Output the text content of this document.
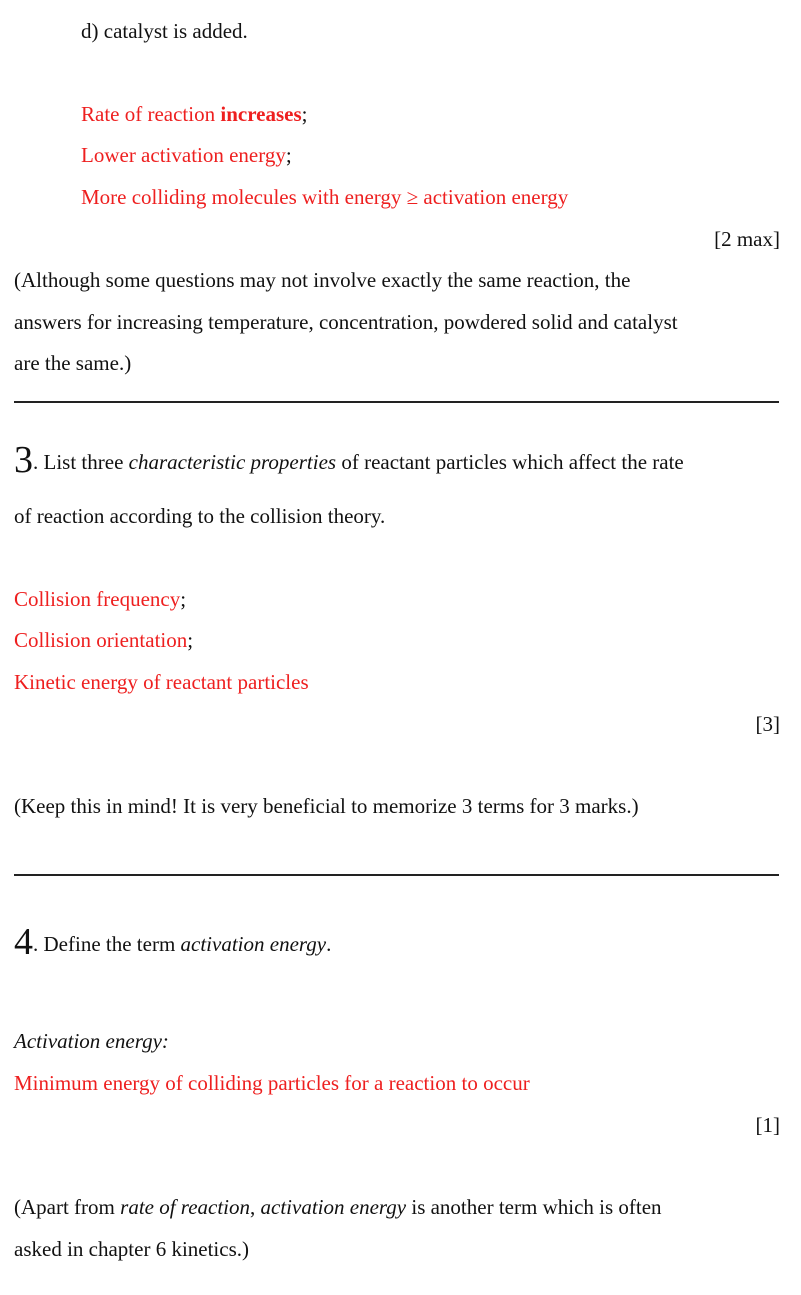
d) catalyst is added.
Rate of reaction increases;
Lower activation energy;
More colliding molecules with energy ≥ activation energy
[2 max]
(Although some questions may not involve exactly the same reaction, the
answers for increasing temperature, concentration, powdered solid and catalyst
are the same.)
3. List three characteristic properties of reactant particles which affect the rate
of reaction according to the collision theory.
Collision frequency;
Collision orientation;
Kinetic energy of reactant particles
[3]
(Keep this in mind! It is very beneficial to memorize 3 terms for 3 marks.)
4. Define the term activation energy.
Activation energy:
Minimum energy of colliding particles for a reaction to occur
[1]
(Apart from rate of reaction, activation energy is another term which is often
asked in chapter 6 kinetics.)
